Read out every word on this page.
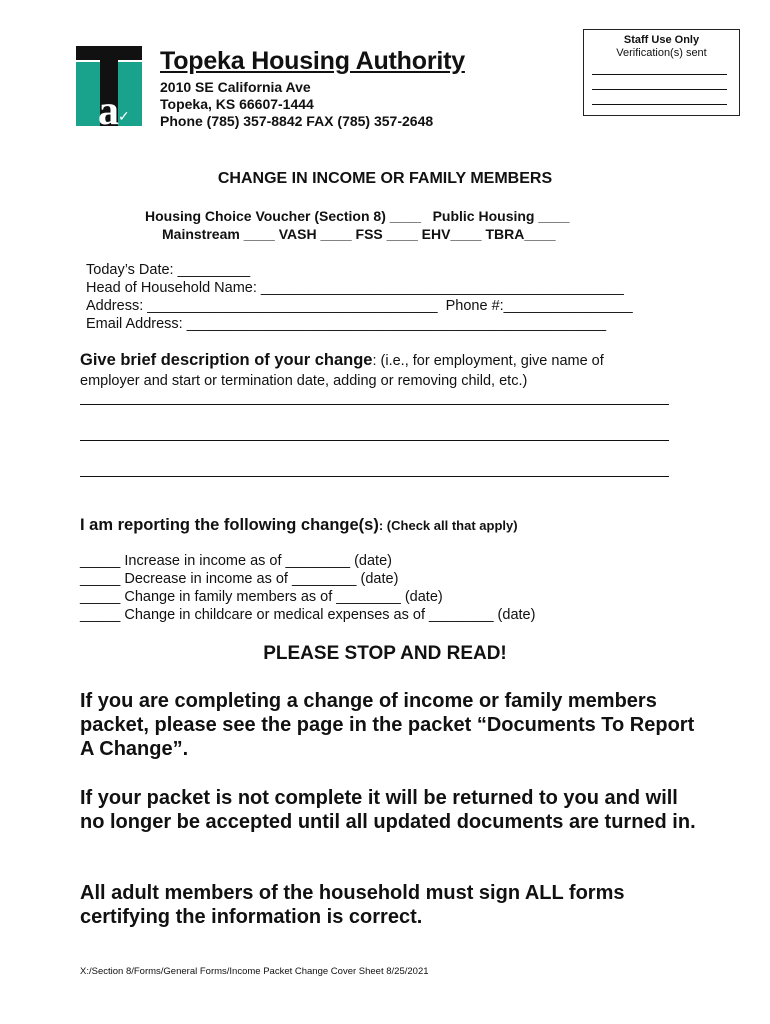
a ✓
Topeka Housing Authority
2010 SE California Ave
Topeka, KS 66607-1444
Phone (785) 357-8842 FAX (785) 357-2648
Staff Use Only
Verification(s) sent
CHANGE IN INCOME OR FAMILY MEMBERS
Housing Choice Voucher (Section 8) ____   Public Housing ____
Mainstream ____ VASH ____ FSS ____ EHV____ TBRA____
Today’s Date: _________
Head of Household Name: _____________________________________________
Address: ____________________________________  Phone #:________________
Email Address: ____________________________________________________
Give brief description of your change: (i.e., for employment, give name of
employer and start or termination date, adding or removing child, etc.)
I am reporting the following change(s): (Check all that apply)
_____ Increase in income as of ________ (date)
_____ Decrease in income as of ________ (date)
_____ Change in family members as of ________ (date)
_____ Change in childcare or medical expenses as of ________ (date)
PLEASE STOP AND READ!
If you are completing a change of income or family members packet, please see the page in the packet “Documents To Report A Change”.
If your packet is not complete it will be returned to you and will no longer be accepted until all updated documents are turned in.
All adult members of the household must sign ALL forms certifying the information is correct.
X:/Section 8/Forms/General Forms/Income Packet Change Cover Sheet 8/25/2021
